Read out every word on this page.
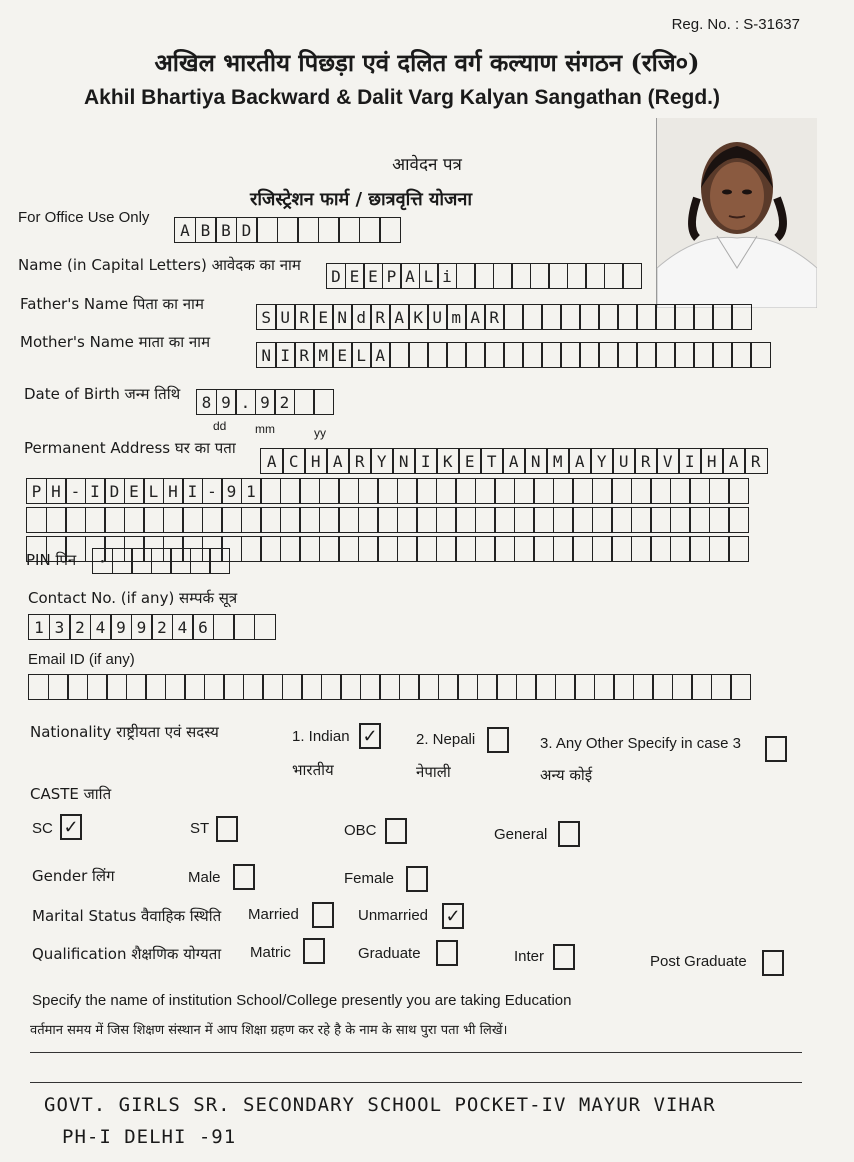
Reg. No. : S-31637
अखिल भारतीय पिछड़ा एवं दलित वर्ग कल्याण संगठन (रजि०)
Akhil Bhartiya Backward & Dalit Varg Kalyan Sangathan (Regd.)
आवेदन पत्र
रजिस्ट्रेशन फार्म / छात्रवृत्ति योजना
For Office Use Only
A B B D
Name (in Capital Letters) आवेदक का नाम
D E E P A L i
Father's Name पिता का नाम
S U R E N d R A K U m A R
Mother's Name माता का नाम
N I R M E L A
Date of Birth जन्म तिथि	8 9 . 9 2
dd mm	yy
Permanent Address घर का पता
A C H A R Y N I K E T A N M A Y U R V I H A R
P H - I D E L H I - 9 1
PIN पिन	·
Contact No. (if any) सम्पर्क सूत्र
1 3 2 4 9 9 2 4 6
Email ID (if any)
Nationality राष्ट्रीयता एवं सदस्य	1. Indian ✓
भारतीय
2. Nepali
नेपाली
3. Any Other Specify in case 3
अन्य कोई
CASTE जाति
SC ✓	ST	OBC	General
Gender लिंग	Male	Female
Marital Status वैवाहिक स्थिति Married	Unmarried ✓
Qualification शैक्षणिक योग्यता Matric	Graduate	Inter	Post Graduate
Specify the name of institution School/College presently you are taking Education
वर्तमान समय में जिस शिक्षण संस्थान में आप शिक्षा ग्रहण कर रहे है के नाम के साथ पुरा पता भी लिखें।
GOVT. GIRLS SR. SECONDARY SCHOOL POCKET-IV MAYUR VIHAR
PH-I DELHI -91
